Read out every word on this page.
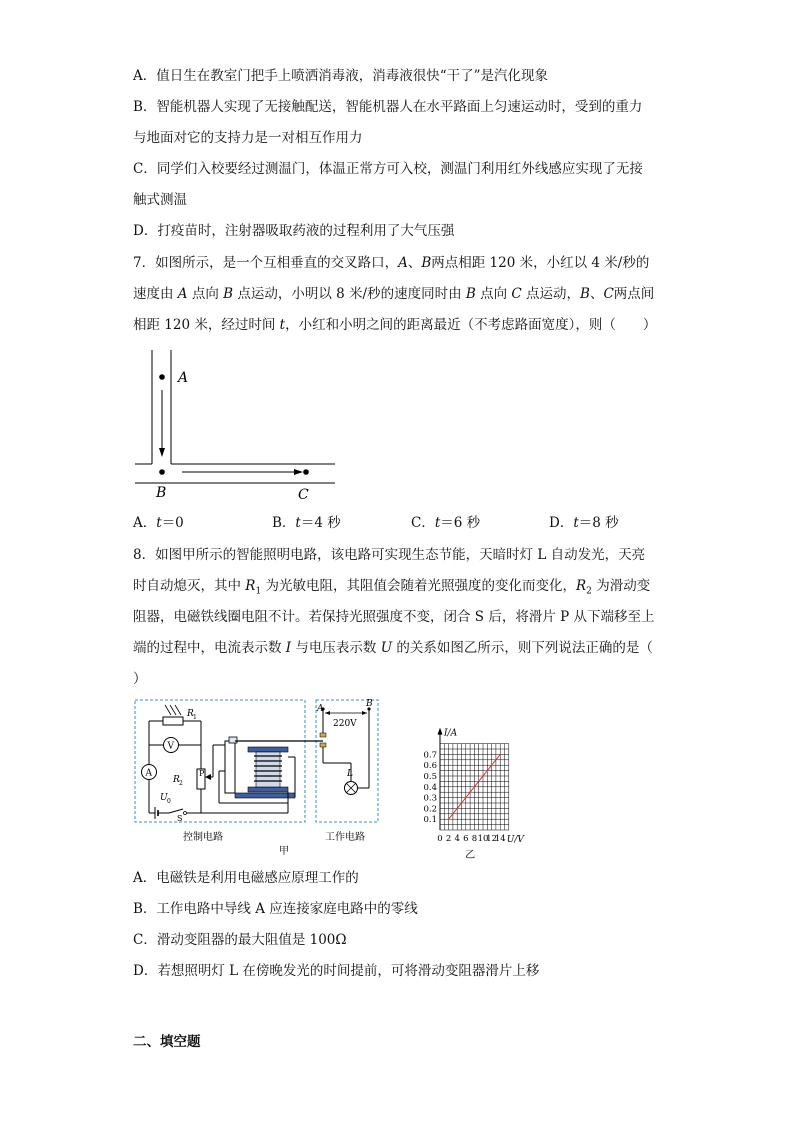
A．值日生在教室门把手上喷洒消毒液，消毒液很快“干了”是汽化现象
B．智能机器人实现了无接触配送，智能机器人在水平路面上匀速运动时，受到的重力
与地面对它的支持力是一对相互作用力
C．同学们入校要经过测温门，体温正常方可入校，测温门利用红外线感应实现了无接
触式测温
D．打疫苗时，注射器吸取药液的过程利用了大气压强
7．如图所示，是一个互相垂直的交叉路口，A、B两点相距 120 米，小红以 4 米/秒的
速度由 A 点向 B 点运动，小明以 8 米/秒的速度同时由 B 点向 C 点运动，B、C两点间
相距 120 米，经过时间 t，小红和小明之间的距离最近（不考虑路面宽度），则（　　）
A
B	C
A．t＝0	B．t＝4 秒	C．t＝6 秒	D．t＝8 秒
8．如图甲所示的智能照明电路，该电路可实现生态节能，天暗时灯 L 自动发光，天亮
时自动熄灭，其中 $R_1$ 为光敏电阻，其阻值会随着光照强度的变化而变化，$R_2$ 为滑动变
阻器，电磁铁线圈电阻不计。若保持光照强度不变，闭合 S 后，将滑片 P 从下端移至上
端的过程中，电流表示数 I 与电压表示数 U 的关系如图乙所示，则下列说法正确的是（
）
R 1
V
A
R 2
P
U 0
S
A	B
220V
L
控制电路	工作电路
甲
I/A
U/V
0.1
0.2
0.3
0.4
0.5
0.6
0.7
0 2 4 6 8 10
12
14
乙
A．电磁铁是利用电磁感应原理工作的
B．工作电路中导线 A 应连接家庭电路中的零线
C．滑动变阻器的最大阻值是 100Ω
D．若想照明灯 L 在傍晚发光的时间提前，可将滑动变阻器滑片上移
二、填空题
